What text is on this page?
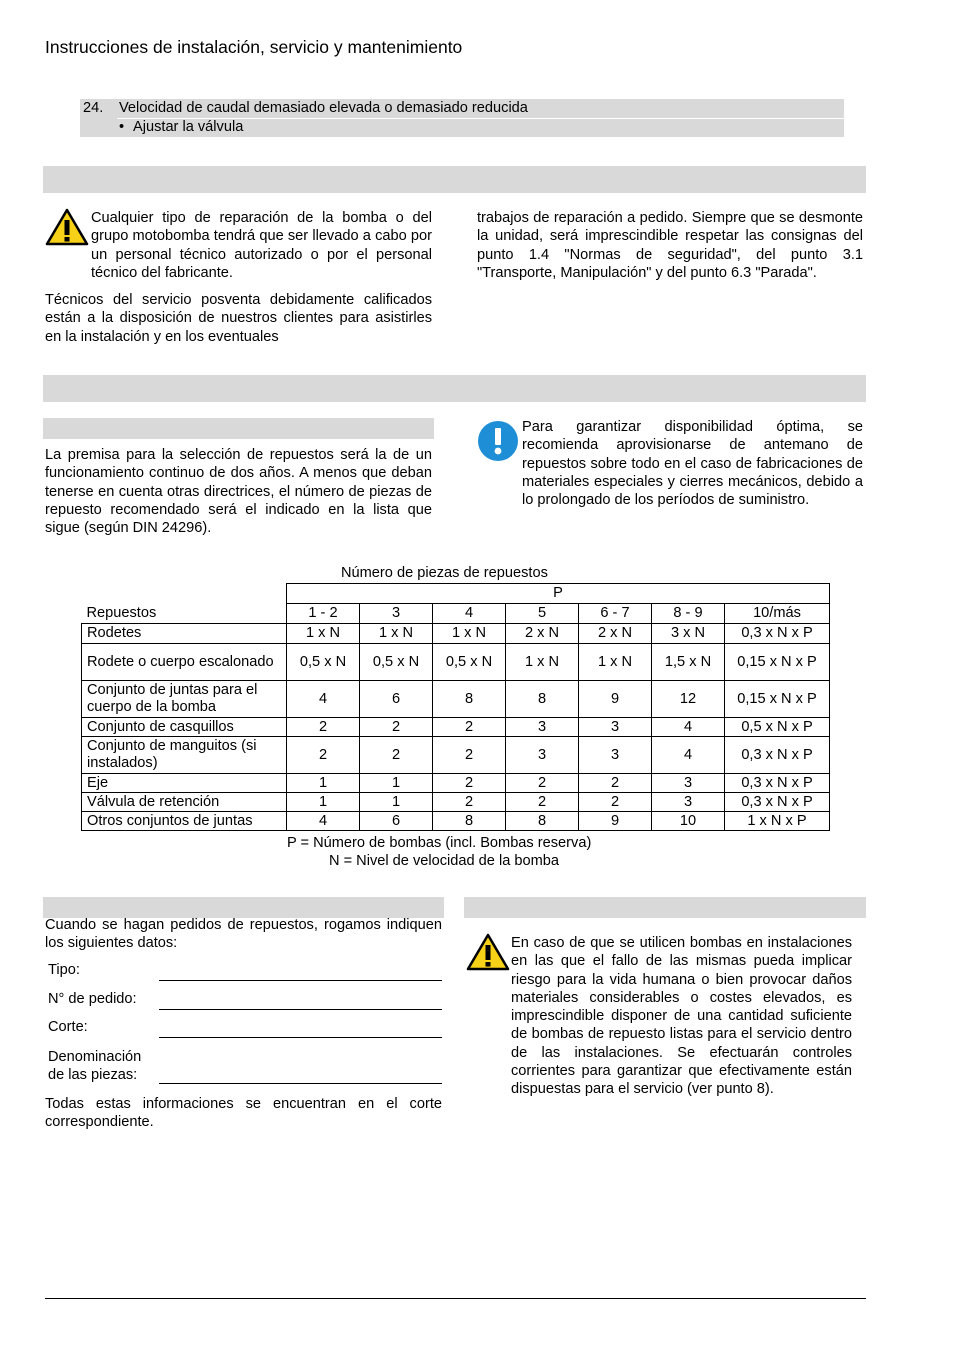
Instrucciones de instalación, servicio y mantenimiento
24. Velocidad de caudal demasiado elevada o demasiado reducida
• Ajustar la válvula
Cualquier tipo de reparación de la bomba o del grupo motobomba tendrá que ser llevado a cabo por un personal técnico autorizado o por el personal técnico del fabricante.
Técnicos del servicio posventa debidamente calificados están a la disposición de nuestros clientes para asistirles en la instalación y en los eventuales
trabajos de reparación a pedido. Siempre que se desmonte la unidad, será imprescindible respetar las consignas del punto 1.4 "Normas de seguridad", del punto 3.1 "Transporte, Manipulación" y del punto 6.3 "Parada".
La premisa para la selección de repuestos será la de un funcionamiento continuo de dos años. A menos que deban tenerse en cuenta otras directrices, el número de piezas de repuesto recomendado será el indicado en la lista que sigue (según DIN 24296).
Para garantizar disponibilidad óptima, se recomienda aprovisionarse de antemano de repuestos sobre todo en el caso de fabricaciones de materiales especiales y cierres mecánicos, debido a lo prolongado de los períodos de suministro.
Número de piezas de repuestos
	P						
Repuestos	1 - 2	3	4	5	6 - 7	8 - 9	10/más
Rodetes	1 x N	1 x N	1 x N	2 x N	2 x N	3 x N	0,3 x N x P
Rodete o cuerpo escalonado	0,5 x N	0,5 x N	0,5 x N	1 x N	1 x N	1,5 x N	0,15 x N x P
Conjunto de juntas para el cuerpo de la bomba	4	6	8	8	9	12	0,15 x N x P
Conjunto de casquillos	2	2	2	3	3	4	0,5 x N x P
Conjunto de manguitos (si instalados)	2	2	2	3	3	4	0,3 x N x P
Eje	1	1	2	2	2	3	0,3 x N x P
Válvula de retención	1	1	2	2	2	3	0,3 x N x P
Otros conjuntos de juntas	4	6	8	8	9	10	1 x N x P
P = Número de bombas (incl. Bombas reserva)
N = Nivel de velocidad de la bomba
Cuando se hagan pedidos de repuestos, rogamos indiquen los siguientes datos:
Tipo:
N° de pedido:
Corte:
Denominación de las piezas:
Todas estas informaciones se encuentran en el corte correspondiente.
En caso de que se utilicen bombas en instalaciones en las que el fallo de las mismas pueda implicar riesgo para la vida humana o bien provocar daños materiales considerables o costes elevados, es imprescindible disponer de una cantidad suficiente de bombas de repuesto listas para el servicio dentro de las instalaciones. Se efectuarán controles corrientes para garantizar que efectivamente están dispuestas para el servicio (ver punto 8).
